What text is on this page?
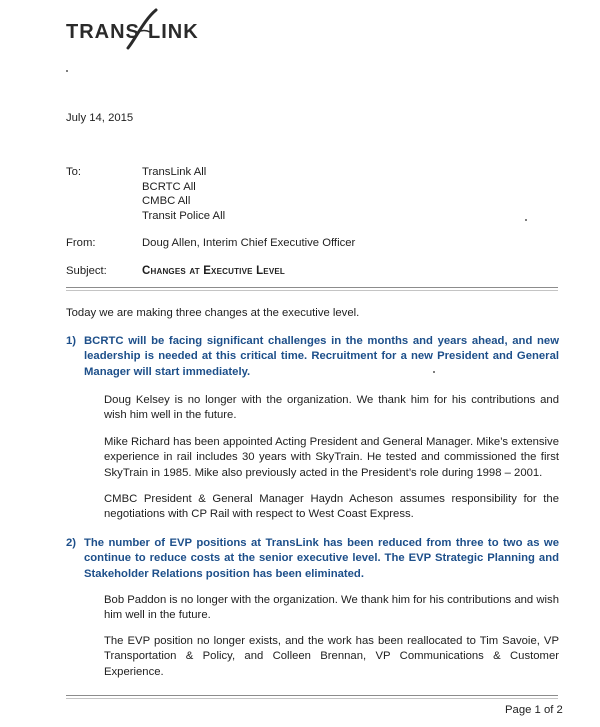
TRANS LINK
July 14, 2015
To:	TransLink All
BCRTC All
CMBC All
Transit Police All
From:	Doug Allen, Interim Chief Executive Officer
Subject:	Changes at Executive Level
Today we are making three changes at the executive level.
1) BCRTC will be facing significant challenges in the months and years ahead, and new leadership is needed at this critical time. Recruitment for a new President and General Manager will start immediately.
Doug Kelsey is no longer with the organization. We thank him for his contributions and wish him well in the future.
Mike Richard has been appointed Acting President and General Manager. Mike’s extensive experience in rail includes 30 years with SkyTrain. He tested and commissioned the first SkyTrain in 1985. Mike also previously acted in the President’s role during 1998 – 2001.
CMBC President & General Manager Haydn Acheson assumes responsibility for the negotiations with CP Rail with respect to West Coast Express.
2) The number of EVP positions at TransLink has been reduced from three to two as we continue to reduce costs at the senior executive level. The EVP Strategic Planning and Stakeholder Relations position has been eliminated.
Bob Paddon is no longer with the organization. We thank him for his contributions and wish him well in the future.
The EVP position no longer exists, and the work has been reallocated to Tim Savoie, VP Transportation & Policy, and Colleen Brennan, VP Communications & Customer Experience.
Page 1 of 2
